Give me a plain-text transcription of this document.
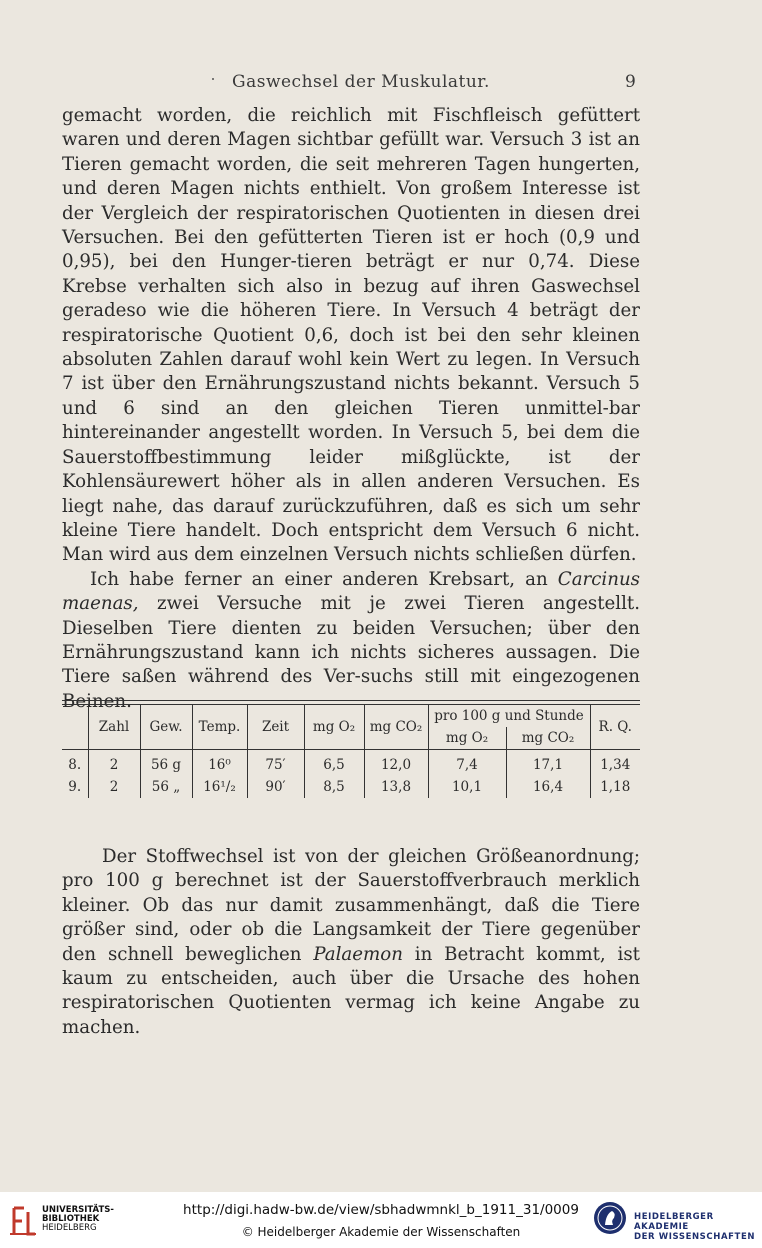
Gaswechsel der Muskulatur.	9

gemacht worden, die reichlich mit Fischfleisch gefüttert waren und deren Magen sichtbar gefüllt war. Versuch 3 ist an Tieren gemacht worden, die seit mehreren Tagen hungerten, und deren Magen nichts enthielt. Von großem Interesse ist der Vergleich der respiratorischen Quotienten in diesen drei Versuchen. Bei den gefütterten Tieren ist er hoch (0,9 und 0,95), bei den Hunger-tieren beträgt er nur 0,74. Diese Krebse verhalten sich also in bezug auf ihren Gaswechsel geradeso wie die höheren Tiere. In Versuch 4 beträgt der respiratorische Quotient 0,6, doch ist bei den sehr kleinen absoluten Zahlen darauf wohl kein Wert zu legen. In Versuch 7 ist über den Ernährungszustand nichts bekannt. Versuch 5 und 6 sind an den gleichen Tieren unmittel-bar hintereinander angestellt worden. In Versuch 5, bei dem die Sauerstoffbestimmung leider mißglückte, ist der Kohlensäurewert höher als in allen anderen Versuchen. Es liegt nahe, das darauf zurückzuführen, daß es sich um sehr kleine Tiere handelt. Doch entspricht dem Versuch 6 nicht. Man wird aus dem einzelnen Versuch nichts schließen dürfen.

Ich habe ferner an einer anderen Krebsart, an Carcinus maenas, zwei Versuche mit je zwei Tieren angestellt. Dieselben Tiere dienten zu beiden Versuchen; über den Ernährungszustand kann ich nichts sicheres aussagen. Die Tiere saßen während des Ver-suchs still mit eingezogenen Beinen.

	Zahl	Gew.	Temp.	Zeit	mg O₂	mg CO₂	pro 100 g und Stunde		R. Q.
							mg O₂	mg CO₂	
8.	2	56 g	16⁰	75′	6,5	12,0	7,4	17,1	1,34
9.	2	56 „	16¹/₂	90′	8,5	13,8	10,1	16,4	1,18

Der Stoffwechsel ist von der gleichen Größeanordnung; pro 100 g berechnet ist der Sauerstoffverbrauch merklich kleiner. Ob das nur damit zusammenhängt, daß die Tiere größer sind, oder ob die Langsamkeit der Tiere gegenüber den schnell beweglichen Palaemon in Betracht kommt, ist kaum zu entscheiden, auch über die Ursache des hohen respiratorischen Quotienten vermag ich keine Angabe zu machen.

UNIVERSITÄTS-
BIBLIOTHEK
HEIDELBERG
http://digi.hadw-bw.de/view/sbhadwmnkl_b_1911_31/0009
© Heidelberger Akademie der Wissenschaften
HEIDELBERGER AKADEMIE
DER WISSENSCHAFTEN
